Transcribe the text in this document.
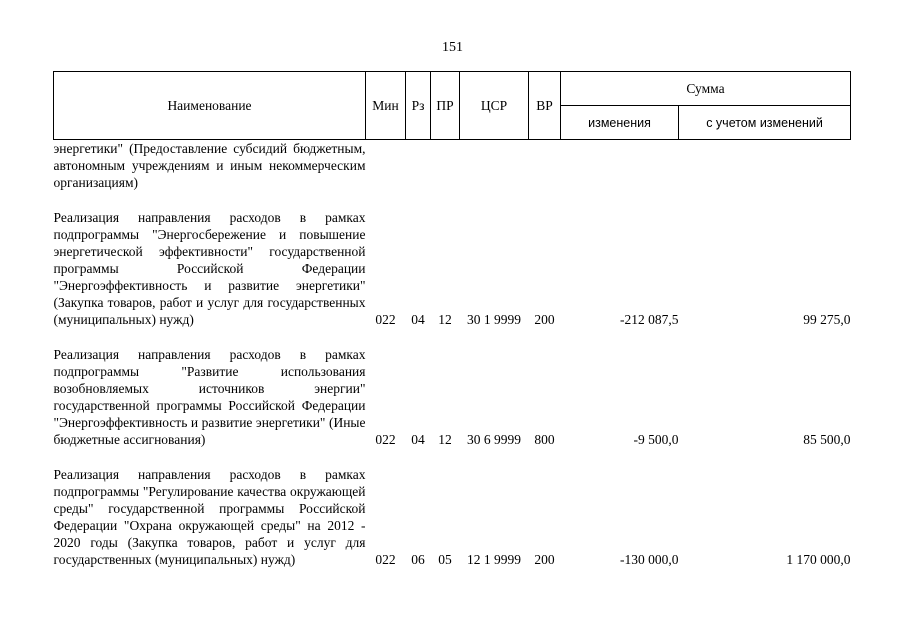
151
Наименование	Мин	Рз	ПР	ЦСР	ВР	Сумма	
						изменения	с учетом изменений
энергетики" (Предоставление субсидий бюджетным, автономным учреждениям и иным некоммерческим организациям)							

Реализация направления расходов в рамках подпрограммы "Энергосбережение и повышение энергетической эффективности" государственной программы Российской Федерации "Энергоэффективность и развитие энергетики" (Закупка товаров, работ и услуг для государственных (муниципальных) нужд)	022	04	12	30 1 9999	200	-212 087,5	99 275,0

Реализация направления расходов в рамках подпрограммы "Развитие использования возобновляемых источников энергии" государственной программы Российской Федерации "Энергоэффективность и развитие энергетики" (Иные бюджетные ассигнования)	022	04	12	30 6 9999	800	-9 500,0	85 500,0

Реализация направления расходов в рамках подпрограммы "Регулирование качества окружающей среды" государственной программы Российской Федерации "Охрана окружающей среды" на 2012 - 2020 годы (Закупка товаров, работ и услуг для государственных (муниципальных) нужд)	022	06	05	12 1 9999	200	-130 000,0	1 170 000,0
